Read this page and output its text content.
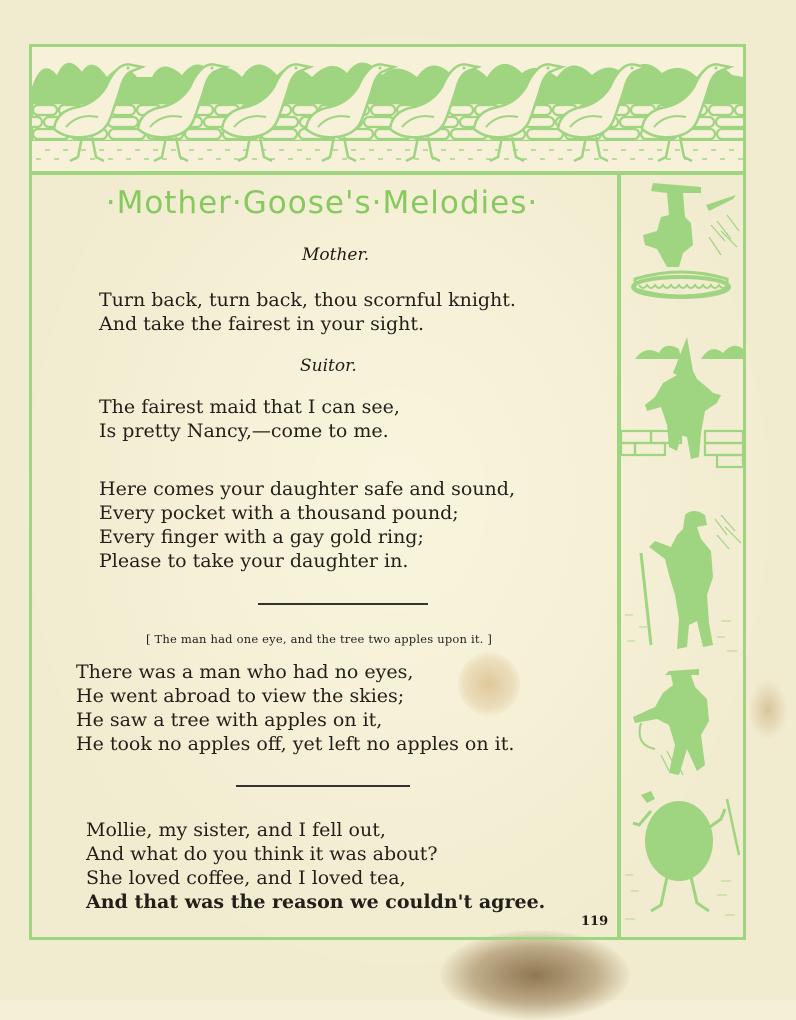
·Mother·Goose's·Melodies·
Mother.
Turn back, turn back, thou scornful knight.
And take the fairest in your sight.
Suitor.
The fairest maid that I can see,
Is pretty Nancy,—come to me.
Here comes your daughter safe and sound,
Every pocket with a thousand pound;
Every finger with a gay gold ring;
Please to take your daughter in.
[ The man had one eye, and the tree two apples upon it. ]
There was a man who had no eyes,
He went abroad to view the skies;
He saw a tree with apples on it,
He took no apples off, yet left no apples on it.
Mollie, my sister, and I fell out,
And what do you think it was about?
She loved coffee, and I loved tea,
And that was the reason we couldn't agree.
119
